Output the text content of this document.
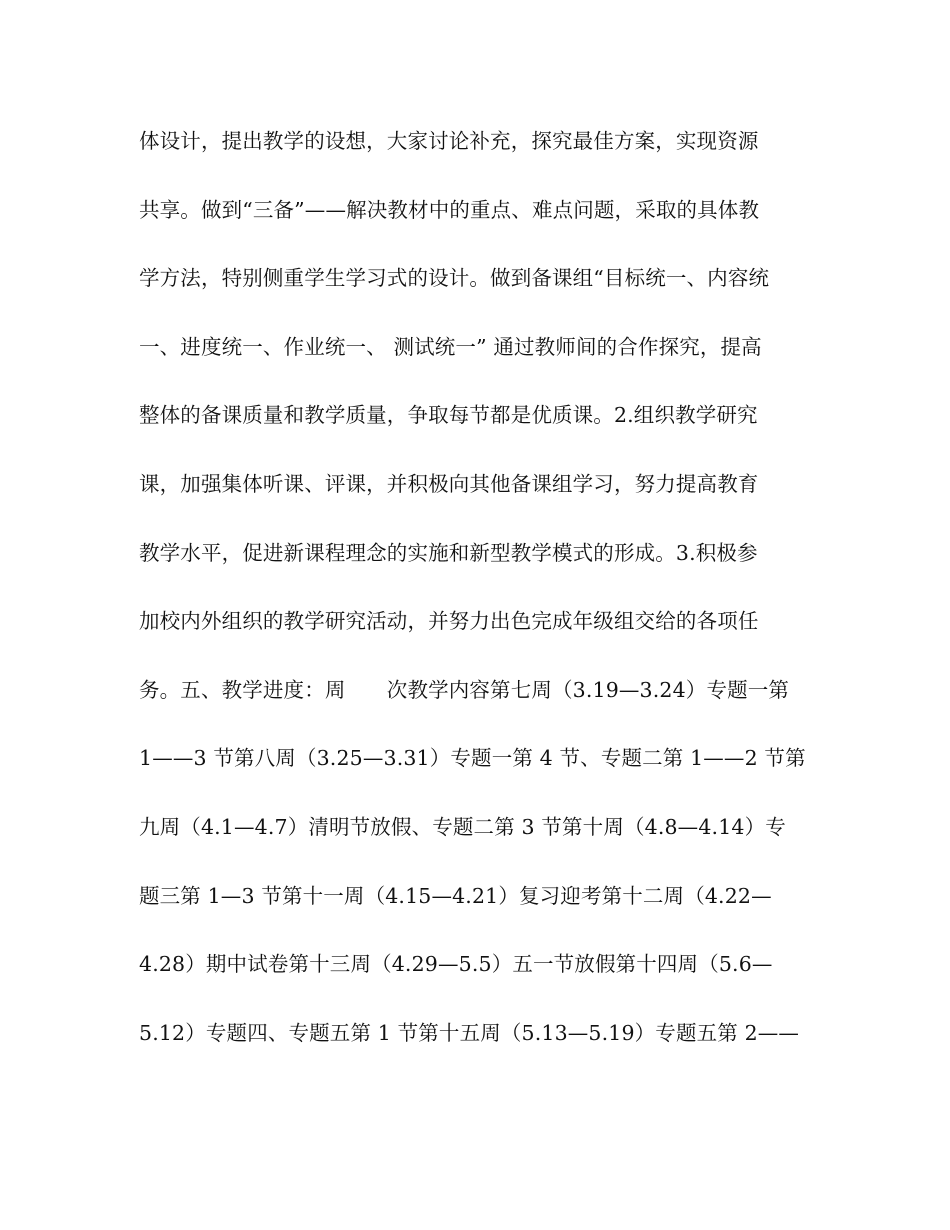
体设计，提出教学的设想，大家讨论补充，探究最佳方案，实现资源
共享。做到“三备”——解决教材中的重点、难点问题，采取的具体教
学方法，特别侧重学生学习式的设计。做到备课组“目标统一、内容统
一、进度统一、作业统一、 测试统一” 通过教师间的合作探究，提高
整体的备课质量和教学质量，争取每节都是优质课。2.组织教学研究
课，加强集体听课、评课，并积极向其他备课组学习，努力提高教育
教学水平，促进新课程理念的实施和新型教学模式的形成。3.积极参
加校内外组织的教学研究活动，并努力出色完成年级组交给的各项任
务。五、教学进度：周　　次教学内容第七周（3.19—3.24）专题一第
1——3 节第八周（3.25—3.31）专题一第 4 节、专题二第 1——2 节第
九周（4.1—4.7）清明节放假、专题二第 3 节第十周（4.8—4.14）专
题三第 1—3 节第十一周（4.15—4.21）复习迎考第十二周（4.22—
4.28）期中试卷第十三周（4.29—5.5）五一节放假第十四周（5.6—
5.12）专题四、专题五第 1 节第十五周（5.13—5.19）专题五第 2——
